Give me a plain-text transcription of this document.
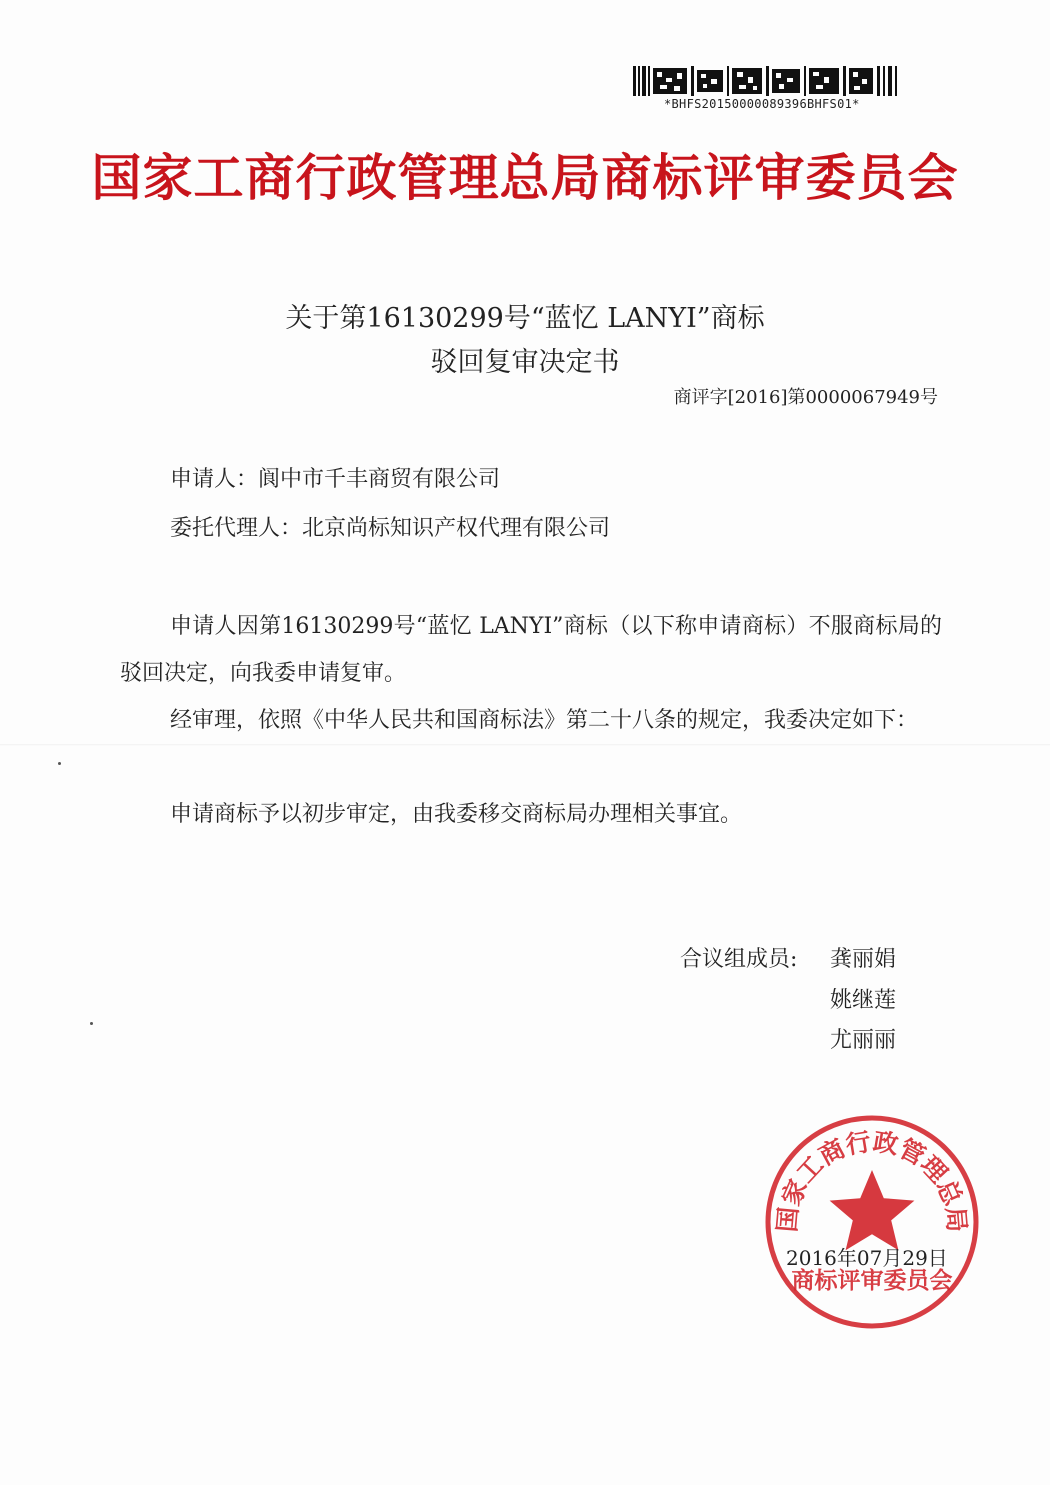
*BHFS20150000089396BHFS01*
国家工商行政管理总局商标评审委员会
关于第16130299号“蓝忆 LANYI”商标
驳回复审决定书
商评字[2016]第0000067949号
申请人：阆中市千丰商贸有限公司
委托代理人：北京尚标知识产权代理有限公司
申请人因第16130299号“蓝忆 LANYI”商标（以下称申请商标）不服商标局的驳回决定，向我委申请复审。
经审理，依照《中华人民共和国商标法》第二十八条的规定，我委决定如下：
申请商标予以初步审定，由我委移交商标局办理相关事宜。
合议组成员: 龚丽娟
姚继莲
尤丽丽
国家工商行政管理总局
商标评审委员会
2016年07月29日
